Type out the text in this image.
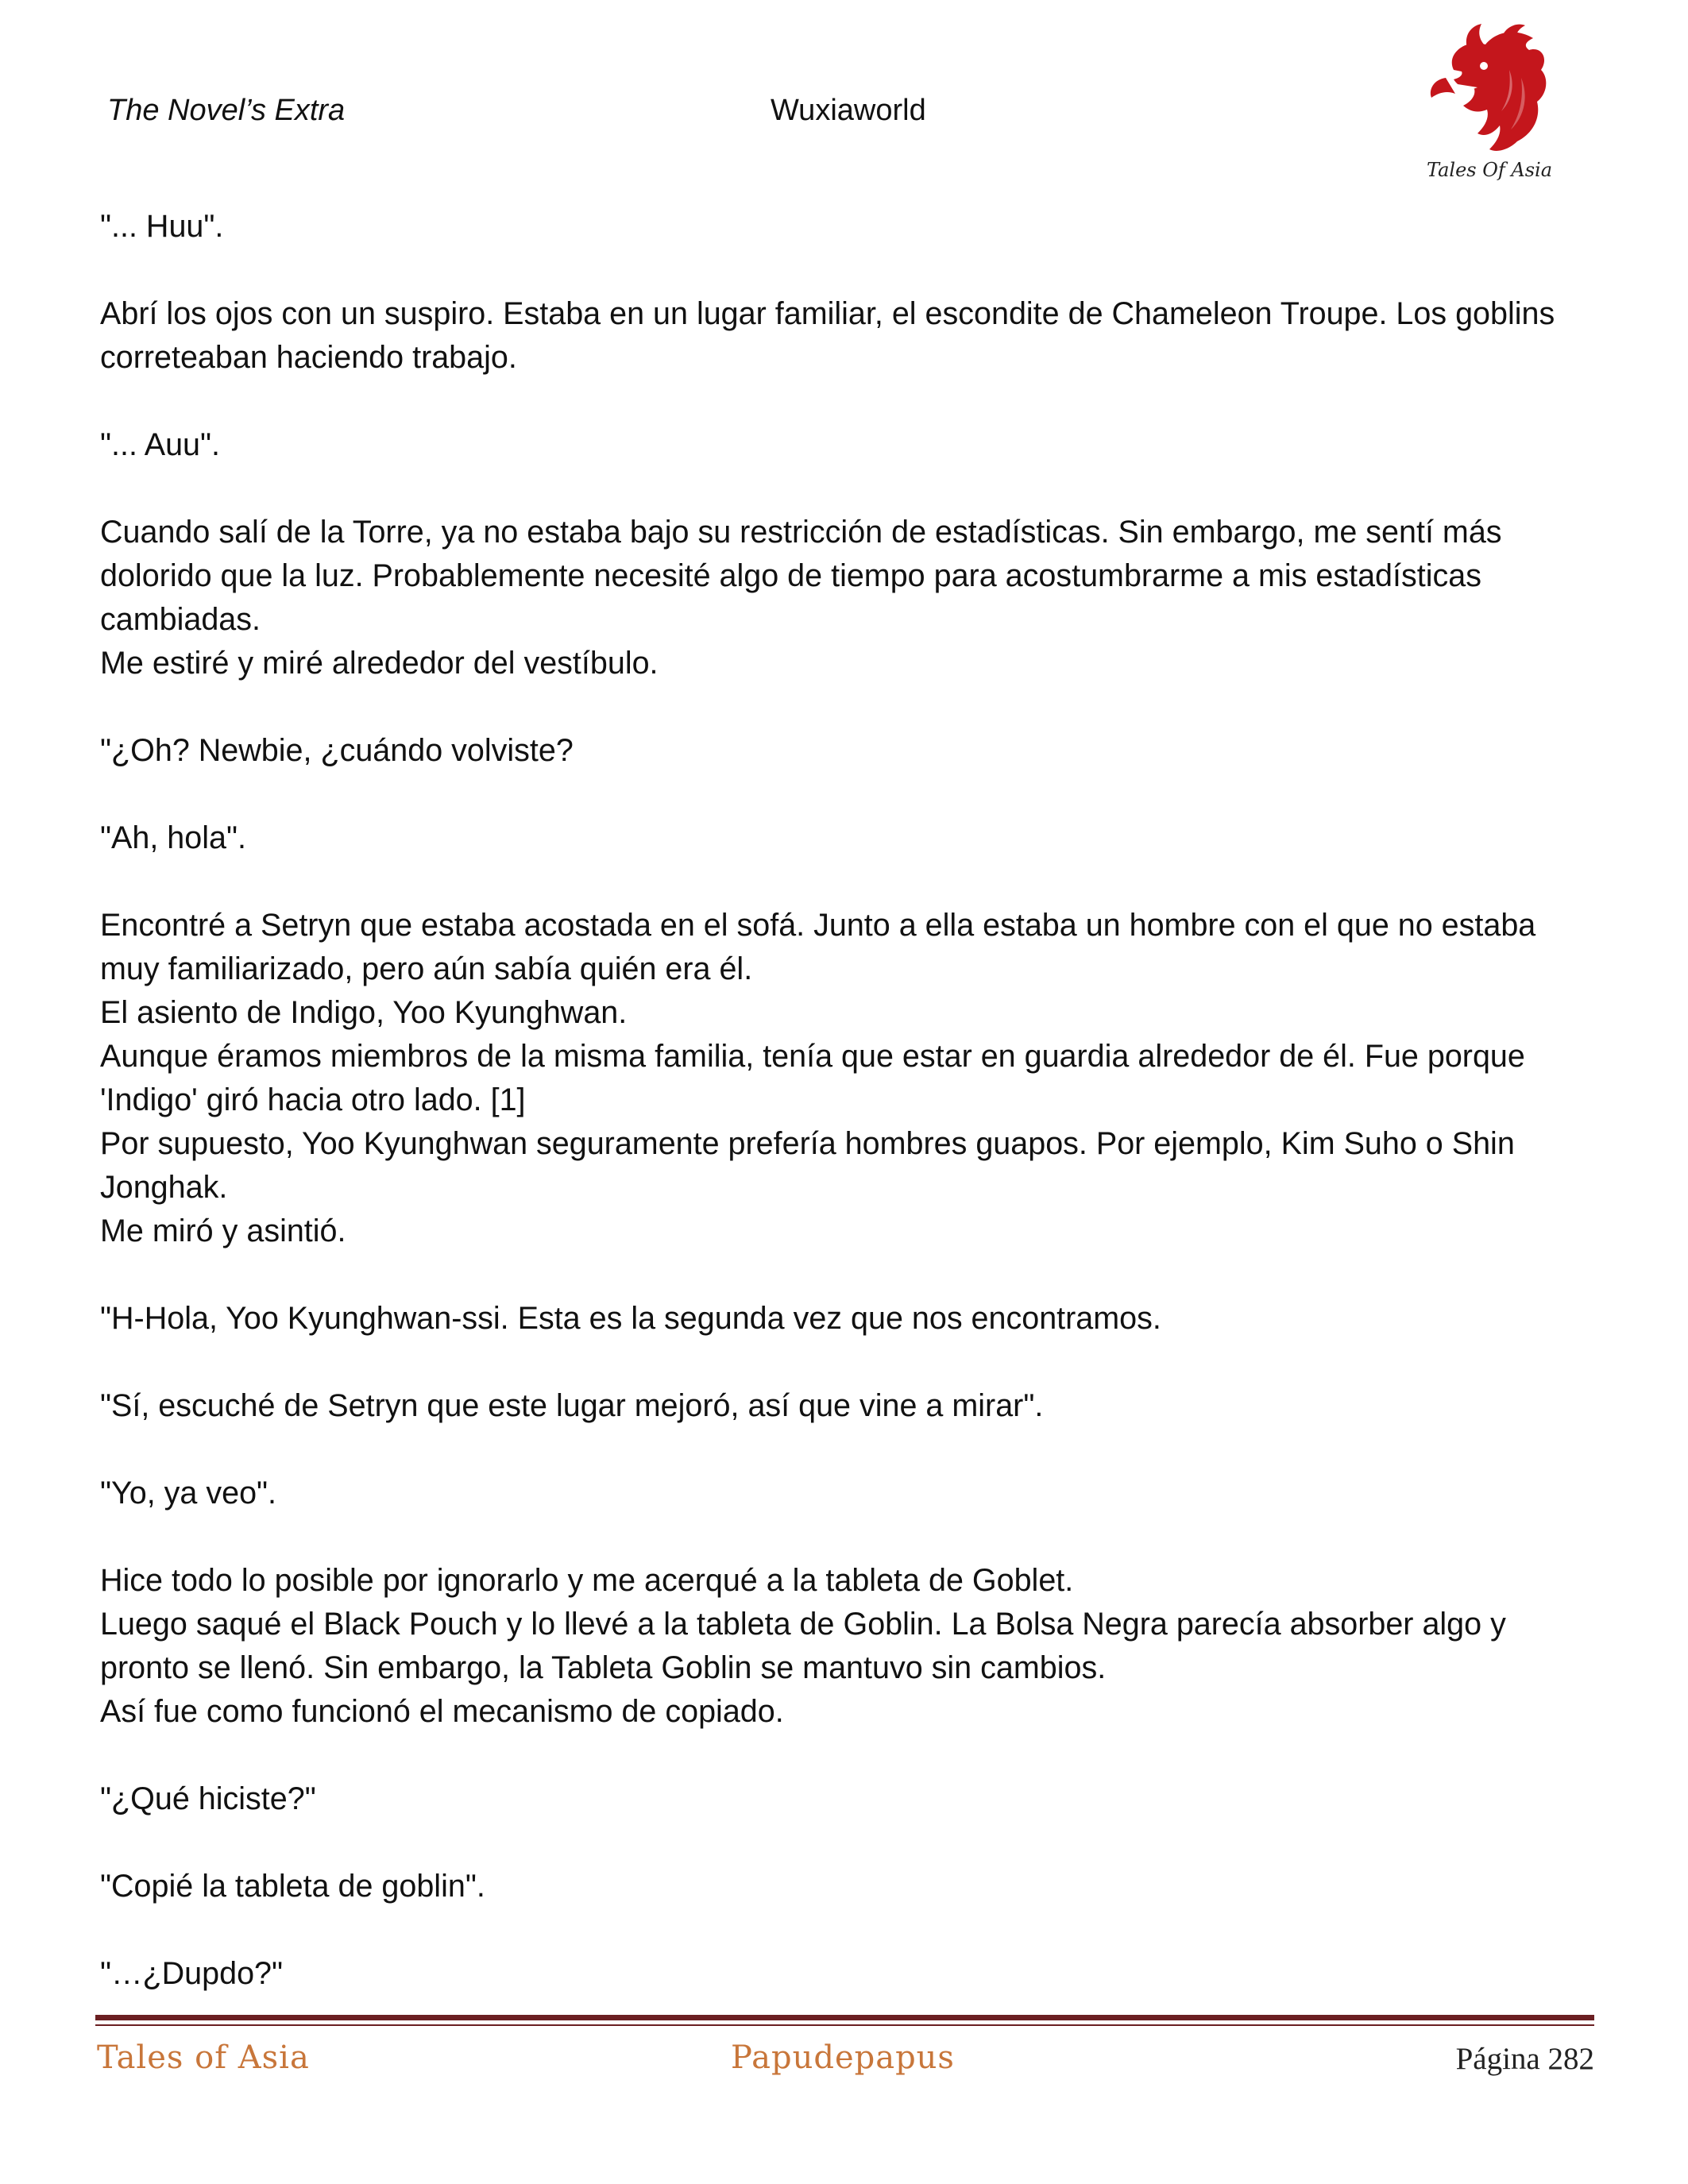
The Novel’s Extra	Wuxiaworld
Tales Of Asia

"... Huu".

Abrí los ojos con un suspiro. Estaba en un lugar familiar, el escondite de Chameleon Troupe. Los goblins correteaban haciendo trabajo.

"... Auu".

Cuando salí de la Torre, ya no estaba bajo su restricción de estadísticas. Sin embargo, me sentí más dolorido que la luz. Probablemente necesité algo de tiempo para acostumbrarme a mis estadísticas cambiadas.

Me estiré y miré alrededor del vestíbulo.

"¿Oh? Newbie, ¿cuándo volviste?

"Ah, hola".

Encontré a Setryn que estaba acostada en el sofá. Junto a ella estaba un hombre con el que no estaba muy familiarizado, pero aún sabía quién era él.

El asiento de Indigo, Yoo Kyunghwan.

Aunque éramos miembros de la misma familia, tenía que estar en guardia alrededor de él. Fue porque 'Indigo' giró hacia otro lado. [1]

Por supuesto, Yoo Kyunghwan seguramente prefería hombres guapos. Por ejemplo, Kim Suho o Shin Jonghak.

Me miró y asintió.

"H-Hola, Yoo Kyunghwan-ssi. Esta es la segunda vez que nos encontramos.

"Sí, escuché de Setryn que este lugar mejoró, así que vine a mirar".

"Yo, ya veo".

Hice todo lo posible por ignorarlo y me acerqué a la tableta de Goblet.

Luego saqué el Black Pouch y lo llevé a la tableta de Goblin. La Bolsa Negra parecía absorber algo y pronto se llenó. Sin embargo, la Tableta Goblin se mantuvo sin cambios.

Así fue como funcionó el mecanismo de copiado.

"¿Qué hiciste?"

"Copié la tableta de goblin".

"…¿Dupdo?"

Tales of Asia	Papudepapus	Página 282
